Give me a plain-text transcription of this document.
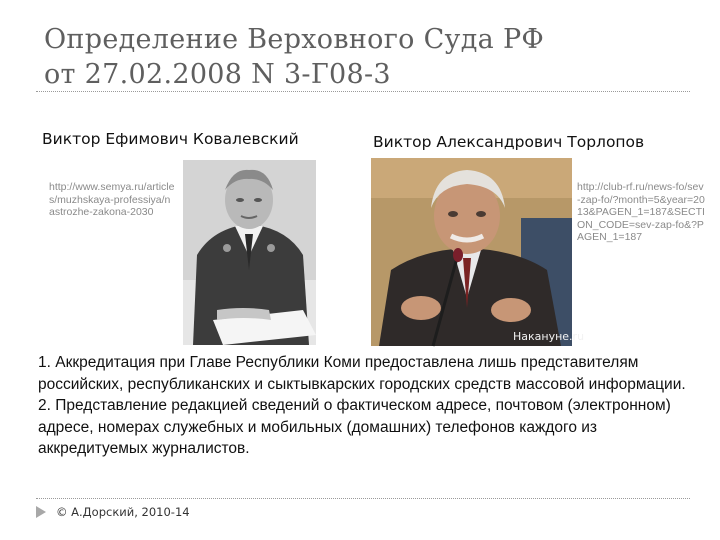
Определение Верховного Суда РФ
от 27.02.2008 N 3-Г08-3
Виктор Ефимович Ковалевский	Виктор Александрович Торлопов
http://www.semya.ru/articles/muzhskaya-professiya/nastrozhe-zakona-2030
Накануне.ru
http://club-rf.ru/news-fo/sev-zap-fo/?month=5&year=2013&PAGEN_1=187&SECTION_CODE=sev-zap-fo&?PAGEN_1=187

1. Аккредитация при Главе Республики Коми предоставлена лишь представителям российских, республиканских и сыктывкарских городских средств массовой информации.

2. Представление редакцией сведений о фактическом адресе, почтовом (электронном) адресе, номерах служебных и мобильных (домашних) телефонов каждого из аккредитуемых журналистов.

© А.Дорский, 2010-14
